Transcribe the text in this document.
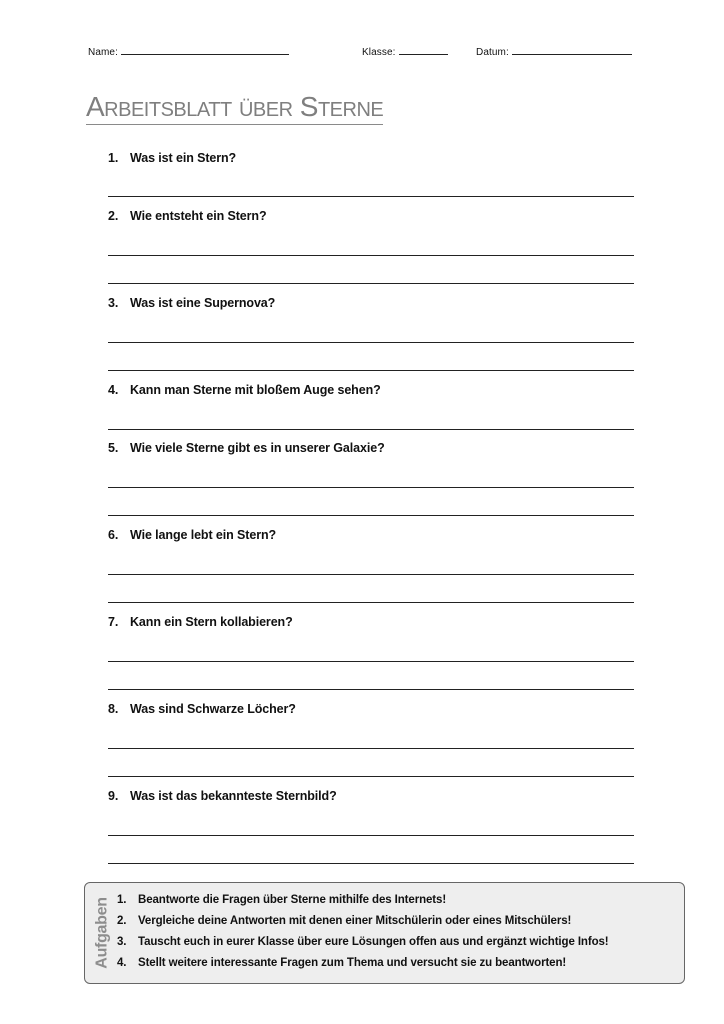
Name:	Klasse:	Datum:
Arbeitsblatt über Sterne
1. Was ist ein Stern?
2. Wie entsteht ein Stern?
3. Was ist eine Supernova?
4. Kann man Sterne mit bloßem Auge sehen?
5. Wie viele Sterne gibt es in unserer Galaxie?
6. Wie lange lebt ein Stern?
7. Kann ein Stern kollabieren?
8. Was sind Schwarze Löcher?
9. Was ist das bekannteste Sternbild?
Aufgaben 1. Beantworte die Fragen über Sterne mithilfe des Internets!
2. Vergleiche deine Antworten mit denen einer Mitschülerin oder eines Mitschülers!
3. Tauscht euch in eurer Klasse über eure Lösungen offen aus und ergänzt wichtige Infos!
4. Stellt weitere interessante Fragen zum Thema und versucht sie zu beantworten!
